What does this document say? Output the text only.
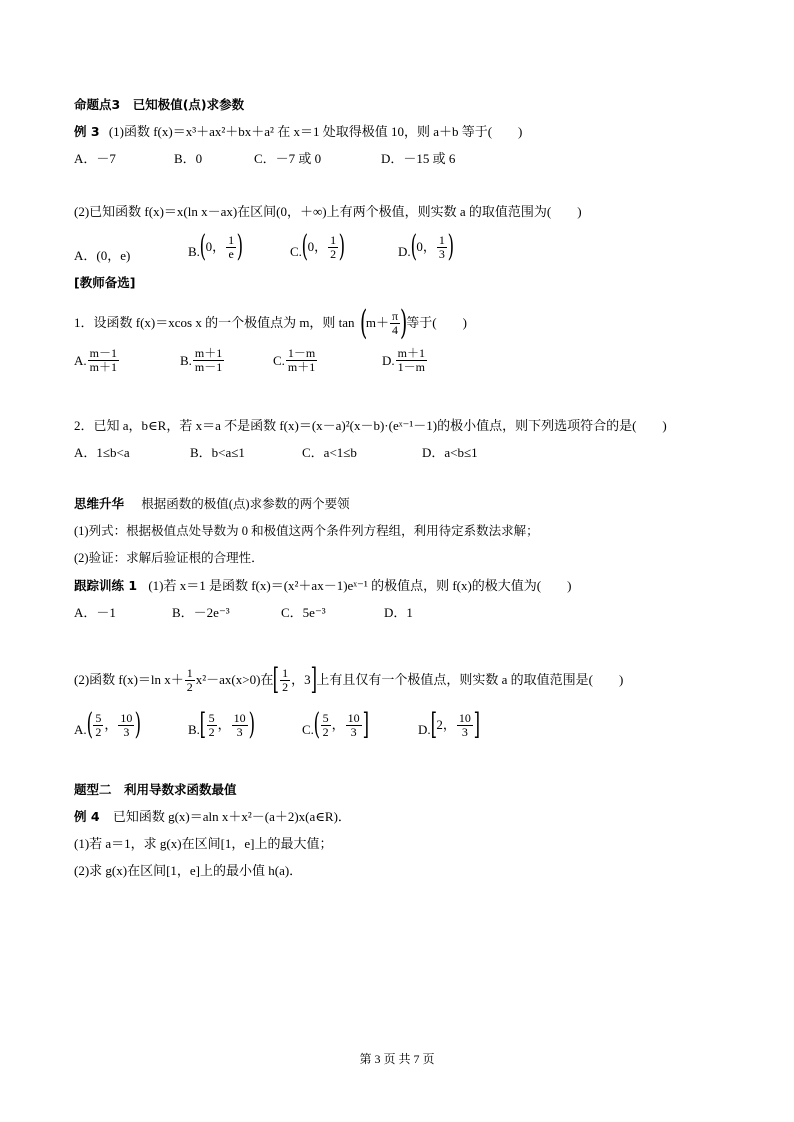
命题点3　已知极值(点)求参数
例 3 (1)函数 f(x)＝x³＋ax²＋bx＋a² 在 x＝1 处取得极值 10，则 a＋b 等于(　　)
A．－7	B．0	C．－7 或 0	D．－15 或 6
(2)已知函数 f(x)＝x(ln x－ax)在区间(0，＋∞)上有两个极值，则实数 a 的取值范围为(　　)
A．(0，e)	B. ( 0， $\frac{1}{e}$ )	C. ( 0， $\frac{1}{2}$ )	D. ( 0， $\frac{1}{3}$ )
[教师备选]
1．设函数 f(x)＝xcos x 的一个极值点为 m，则 tan (
$m+ \frac{\pi}{4}$ )
等于(　　)
A. $\frac{m-1}{m+1}$	B. $\frac{m+1}{m-1}$	C. $\frac{1-m}{m+1}$	D. $\frac{m+1}{1-m}$
2．已知 a，b∈R，若 x＝a 不是函数 f(x)＝(x－a)²(x－b)·(eˣ⁻¹－1)的极小值点，则下列选项符合的是(　　)
A．1≤b<a	B．b<a≤1	C．a<1≤b	D．a<b≤1
思维升华 根据函数的极值(点)求参数的两个要领
(1)列式：根据极值点处导数为 0 和极值这两个条件列方程组，利用待定系数法求解；
(2)验证：求解后验证根的合理性．
跟踪训练 1 (1)若 x＝1 是函数 f(x)＝(x²＋ax－1)eˣ⁻¹ 的极值点，则 f(x)的极大值为(　　)
A．－1	B．－2e⁻³	C．5e⁻³	D．1
(2)函数 f(x)＝ln $x+ \frac{1}{2} x^2-ax(x>0)$在 [ $\frac{1}{2}$ ，3 ] 上有且仅有一个极值点，则实数 a 的取值范围是(　　)
A. ( $\frac{5}{2}$ ， $\frac{10}{3}$ )	B. [ $\frac{5}{2}$ ， $\frac{10}{3}$ )	C. ( $\frac{5}{2}$ ， $\frac{10}{3}$ ]	D. [ 2， $\frac{10}{3}$ ]
题型二　利用导数求函数最值
例 4 已知函数 g(x)＝aln x＋x²－(a＋2)x(a∈R)．
(1)若 a＝1，求 g(x)在区间[1，e]上的最大值；
(2)求 g(x)在区间[1，e]上的最小值 h(a)．
第 3 页 共 7 页
